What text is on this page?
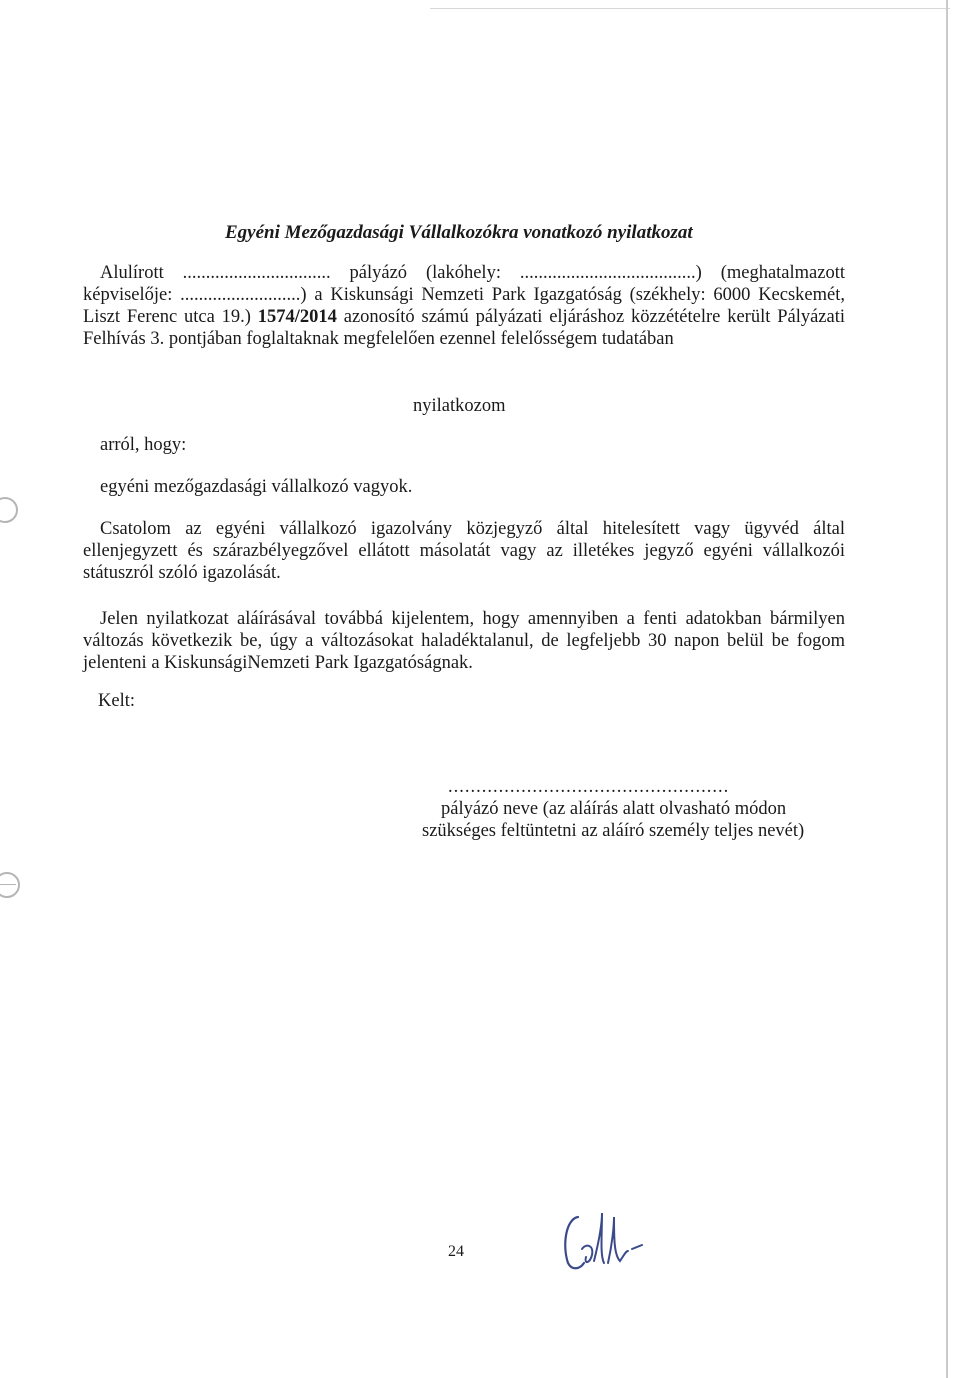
Egyéni Mezőgazdasági Vállalkozókra vonatkozó nyilatkozat

Alulírott ................................ pályázó (lakóhely: ......................................) (meghatalmazott képviselője: ..........................) a Kiskunsági Nemzeti Park Igazgatóság (székhely: 6000 Kecskemét, Liszt Ferenc utca 19.) 1574/2014 azonosító számú pályázati eljáráshoz közzétételre került Pályázati Felhívás 3. pontjában foglaltaknak megfelelően ezennel felelősségem tudatában

nyilatkozom
arról, hogy:
egyéni mezőgazdasági vállalkozó vagyok.

Csatolom az egyéni vállalkozó igazolvány közjegyző által hitelesített vagy ügyvéd által ellenjegyzett és szárazbélyegzővel ellátott másolatát vagy az illetékes jegyző egyéni vállalkozói státuszról szóló igazolását.

Jelen nyilatkozat aláírásával továbbá kijelentem, hogy amennyiben a fenti adatokban bármilyen változás következik be, úgy a változásokat haladéktalanul, de legfeljebb 30 napon belül be fogom jelenteni a KiskunságiNemzeti Park Igazgatóságnak.

Kelt:
..................................................
pályázó neve (az aláírás alatt olvasható módon
szükséges feltüntetni az aláíró személy teljes nevét)
24
